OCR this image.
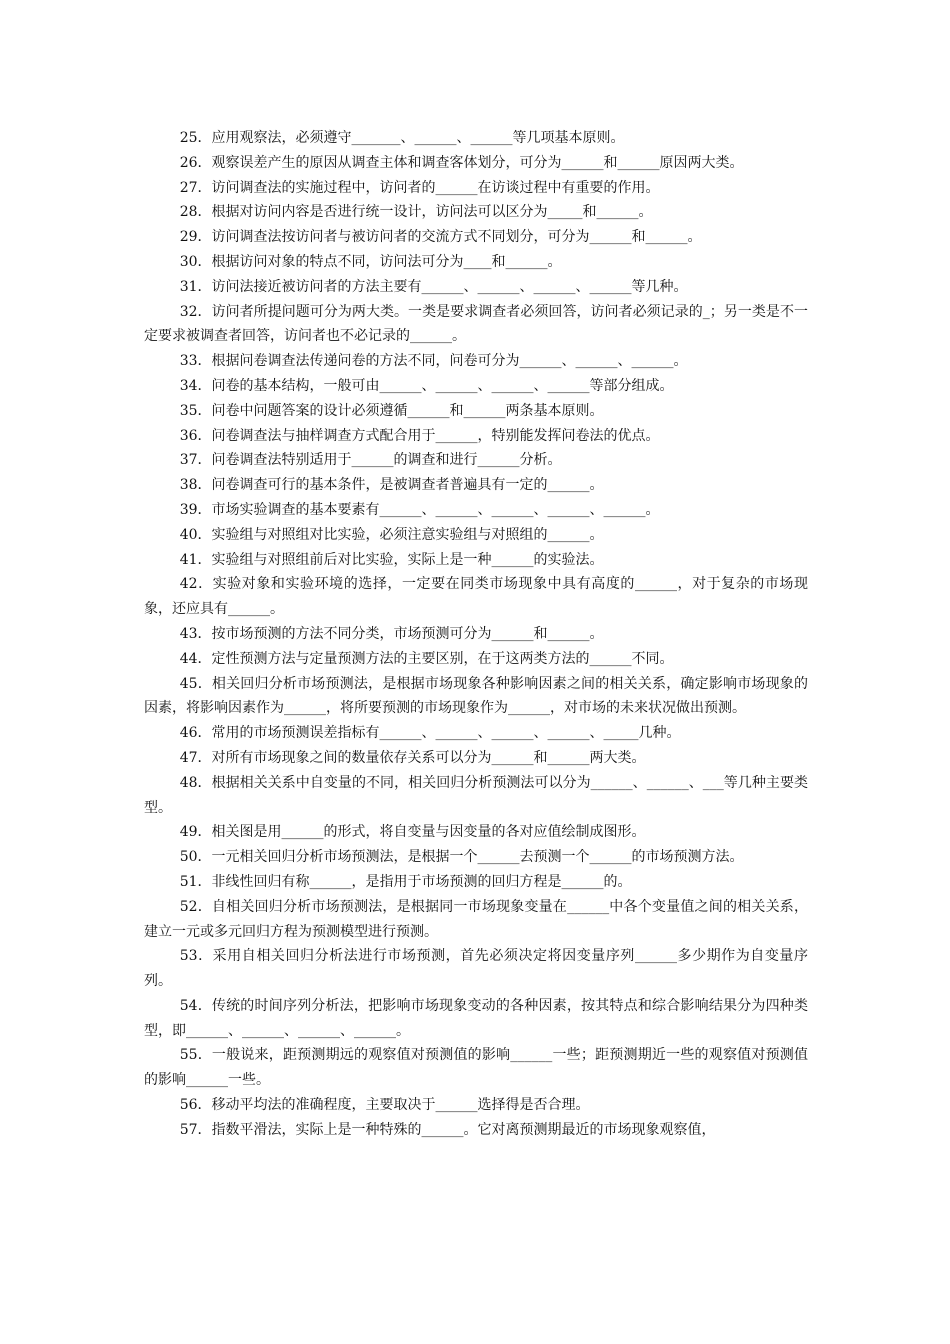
25．应用观察法，必须遵守_______、______、______等几项基本原则。

26．观察误差产生的原因从调查主体和调查客体划分，可分为______和______原因两大类。

27．访问调查法的实施过程中，访问者的______在访谈过程中有重要的作用。

28．根据对访问内容是否进行统一设计，访问法可以区分为_____和______。

29．访问调查法按访问者与被访问者的交流方式不同划分，可分为______和______。

30．根据访问对象的特点不同，访问法可分为____和______。

31．访问法接近被访问者的方法主要有______、______、______、______等几种。

32．访问者所提问题可分为两大类。一类是要求调查者必须回答，访问者必须记录的_；另一类是不一定要求被调查者回答，访问者也不必记录的______。

33．根据问卷调查法传递问卷的方法不同，问卷可分为______、______、______。

34．问卷的基本结构，一般可由______、______、______、______等部分组成。

35．问卷中问题答案的设计必须遵循______和______两条基本原则。

36．问卷调查法与抽样调查方式配合用于______，特别能发挥问卷法的优点。

37．问卷调查法特别适用于______的调查和进行______分析。

38．问卷调查可行的基本条件，是被调查者普遍具有一定的______。

39．市场实验调查的基本要素有______、______、______、______、______。

40．实验组与对照组对比实验，必须注意实验组与对照组的______。

41．实验组与对照组前后对比实验，实际上是一种______的实验法。

42．实验对象和实验环境的选择，一定要在同类市场现象中具有高度的______，对于复杂的市场现象，还应具有______。

43．按市场预测的方法不同分类，市场预测可分为______和______。

44．定性预测方法与定量预测方法的主要区别，在于这两类方法的______不同。

45．相关回归分析市场预测法，是根据市场现象各种影响因素之间的相关关系，确定影响市场现象的因素，将影响因素作为______，将所要预测的市场现象作为______，对市场的未来状况做出预测。

46．常用的市场预测误差指标有______、______、______、______、_____几种。

47．对所有市场现象之间的数量依存关系可以分为______和______两大类。

48．根据相关关系中自变量的不同，相关回归分析预测法可以分为______、______、___等几种主要类型。

49．相关图是用______的形式，将自变量与因变量的各对应值绘制成图形。

50．一元相关回归分析市场预测法，是根据一个______去预测一个______的市场预测方法。

51．非线性回归有称______，是指用于市场预测的回归方程是______的。

52．自相关回归分析市场预测法，是根据同一市场现象变量在______中各个变量值之间的相关关系，建立一元或多元回归方程为预测模型进行预测。

53．采用自相关回归分析法进行市场预测，首先必须决定将因变量序列______多少期作为自变量序列。

54．传统的时间序列分析法，把影响市场现象变动的各种因素，按其特点和综合影响结果分为四种类型，即______、______、______、______。

55．一般说来，距预测期远的观察值对预测值的影响______一些；距预测期近一些的观察值对预测值的影响______一些。

56．移动平均法的准确程度，主要取决于______选择得是否合理。

57．指数平滑法，实际上是一种特殊的______。它对离预测期最近的市场现象观察值，
